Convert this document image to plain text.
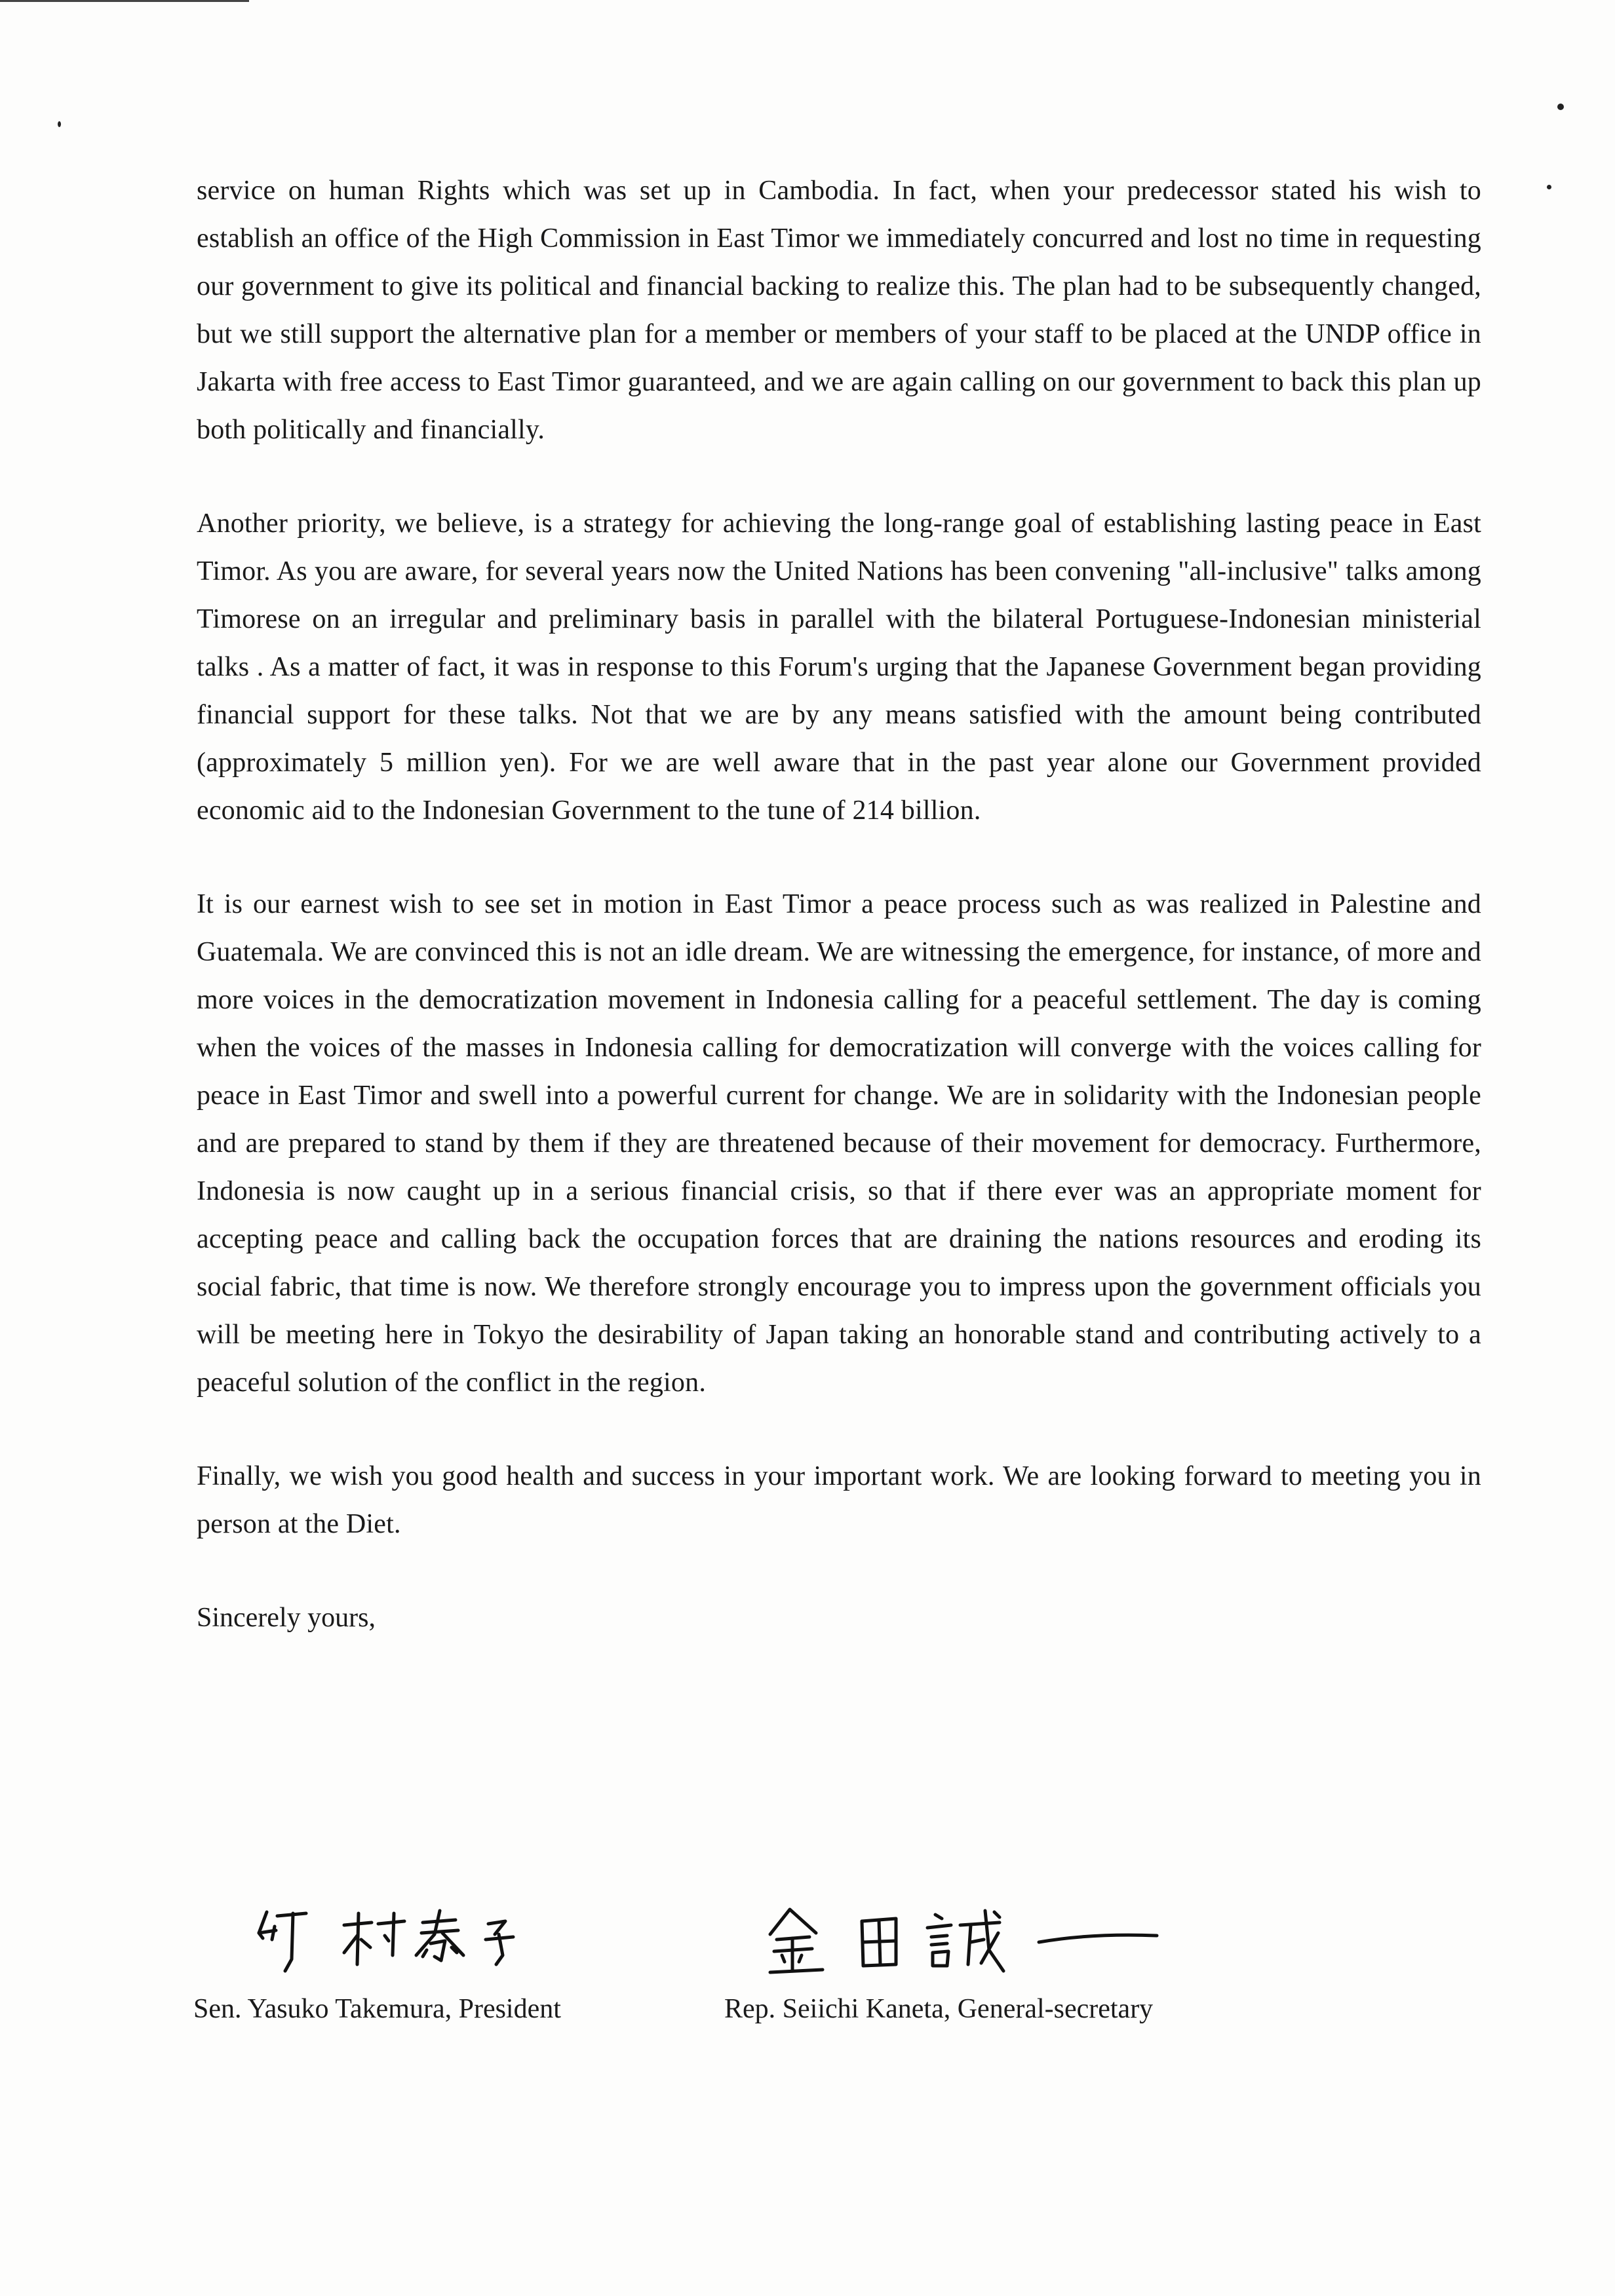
service on human Rights which was set up in Cambodia. In fact, when your predecessor stated his wish to establish an office of the High Commission in East Timor we immediately concurred and lost no time in requesting our government to give its political and financial backing to realize this. The plan had to be subsequently changed, but we still support the alternative plan for a member or members of your staff to be placed at the UNDP office in Jakarta with free access to East Timor guaranteed, and we are again calling on our government to back this plan up both politically and financially.

Another priority, we believe, is a strategy for achieving the long-range goal of establishing lasting peace in East Timor. As you are aware, for several years now the United Nations has been convening "all-inclusive" talks among Timorese on an irregular and preliminary basis in parallel with the bilateral Portuguese-Indonesian ministerial talks . As a matter of fact, it was in response to this Forum's urging that the Japanese Government began providing financial support for these talks. Not that we are by any means satisfied with the amount being contributed (approximately 5 million yen). For we are well aware that in the past year alone our Government provided economic aid to the Indonesian Government to the tune of 214 billion.

It is our earnest wish to see set in motion in East Timor a peace process such as was realized in Palestine and Guatemala. We are convinced this is not an idle dream. We are witnessing the emergence, for instance, of more and more voices in the democratization movement in Indonesia calling for a peaceful settlement. The day is coming when the voices of the masses in Indonesia calling for democratization will converge with the voices calling for peace in East Timor and swell into a powerful current for change. We are in solidarity with the Indonesian people and are prepared to stand by them if they are threatened because of their movement for democracy. Furthermore, Indonesia is now caught up in a serious financial crisis, so that if there ever was an appropriate moment for accepting peace and calling back the occupation forces that are draining the nations resources and eroding its social fabric, that time is now. We therefore strongly encourage you to impress upon the government officials you will be meeting here in Tokyo the desirability of Japan taking an honorable stand and contributing actively to a peaceful solution of the conflict in the region.

Finally, we wish you good health and success in your important work. We are looking forward to meeting you in person at the Diet.

Sincerely yours,

竹村泰子
Sen. Yasuko Takemura, President
金田誠一
Rep. Seiichi Kaneta, General-secretary
